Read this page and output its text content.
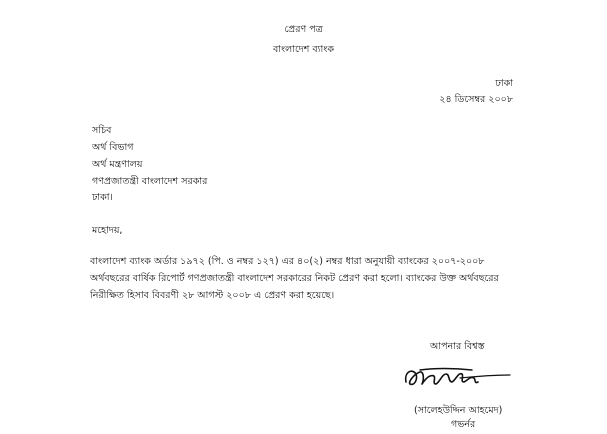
প্রেরণ পত্র
বাংলাদেশ ব্যাংক
ঢাকা
২৪ ডিসেম্বর ২০০৮
সচিব
অর্থ বিভাগ
অর্থ মন্ত্রণালয়
গণপ্রজাতন্ত্রী বাংলাদেশ সরকার
ঢাকা।
মহোদয়,
বাংলাদেশ ব্যাংক অর্ডার ১৯৭২ (পি. ও নম্বর ১২৭) এর ৪০(২) নম্বর ধারা অনুযায়ী ব্যাংকের ২০০৭-২০০৮
অর্থবছরের বার্ষিক রিপোর্ট গণপ্রজাতন্ত্রী বাংলাদেশ সরকারের নিকট প্রেরণ করা হলো। ব্যাংকের উক্ত অর্থবছরের
নিরীক্ষিত হিসাব বিবরণী ২৮ আগস্ট ২০০৮ এ প্রেরণ করা হয়েছে।
আপনার বিশ্বস্ত
(সালেহউদ্দিন আহমেদ)
গভর্নর
